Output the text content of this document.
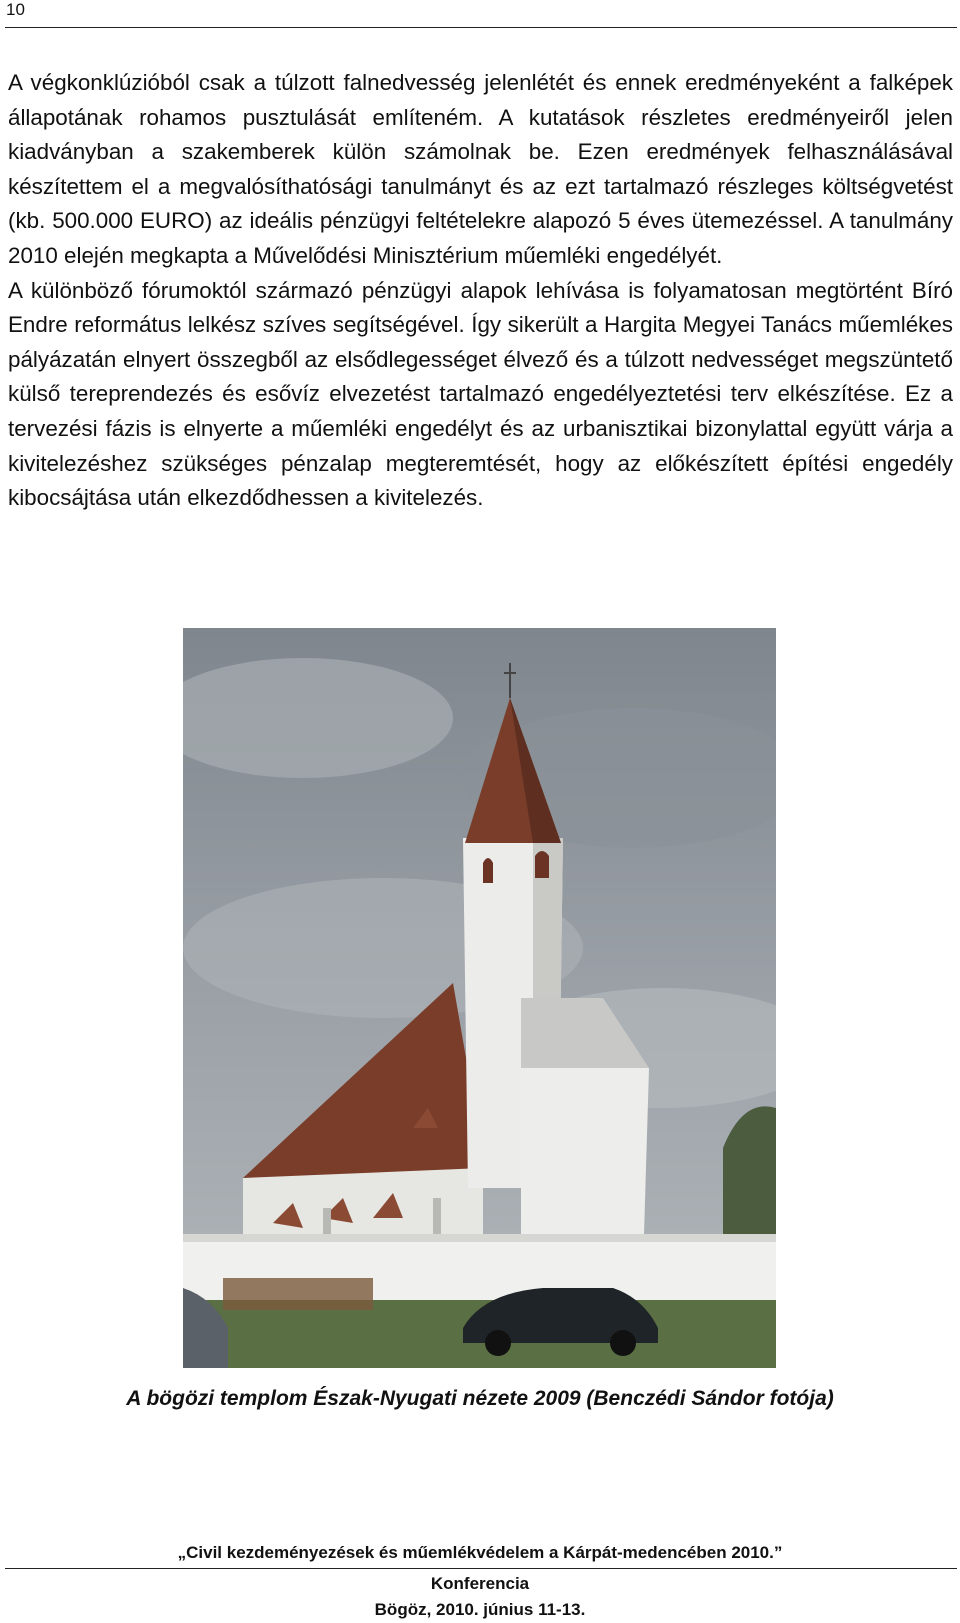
10

A végkonklúzióból csak a túlzott falnedvesség jelenlétét és ennek eredményeként a falképek állapotának rohamos pusztulását említeném. A kutatások részletes eredményeiről jelen kiadványban a szakemberek külön számolnak be. Ezen eredmények felhasználásával készítettem el a megvalósíthatósági tanulmányt és az ezt tartalmazó részleges költségvetést (kb. 500.000 EURO) az ideális pénzügyi feltételekre alapozó 5 éves ütemezéssel. A tanulmány 2010 elején megkapta a Művelődési Minisztérium műemléki engedélyét.

A különböző fórumoktól származó pénzügyi alapok lehívása is folyamatosan megtörtént Bíró Endre református lelkész szíves segítségével. Így sikerült a Hargita Megyei Tanács műemlékes pályázatán elnyert összegből az elsődlegességet élvező és a túlzott nedvességet megszüntető külső tereprendezés és esővíz elvezetést tartalmazó engedélyeztetési terv elkészítése. Ez a tervezési fázis is elnyerte a műemléki engedélyt és az urbanisztikai bizonylattal együtt várja a kivitelezéshez szükséges pénzalap megteremtését, hogy az előkészített építési engedély kibocsájtása után elkezdődhessen a kivitelezés.

A bögözi templom Észak-Nyugati nézete 2009 (Benczédi Sándor fotója)
„Civil kezdeményezések és műemlékvédelem a Kárpát-medencében 2010.”
Konferencia
Bögöz, 2010. június 11-13.
